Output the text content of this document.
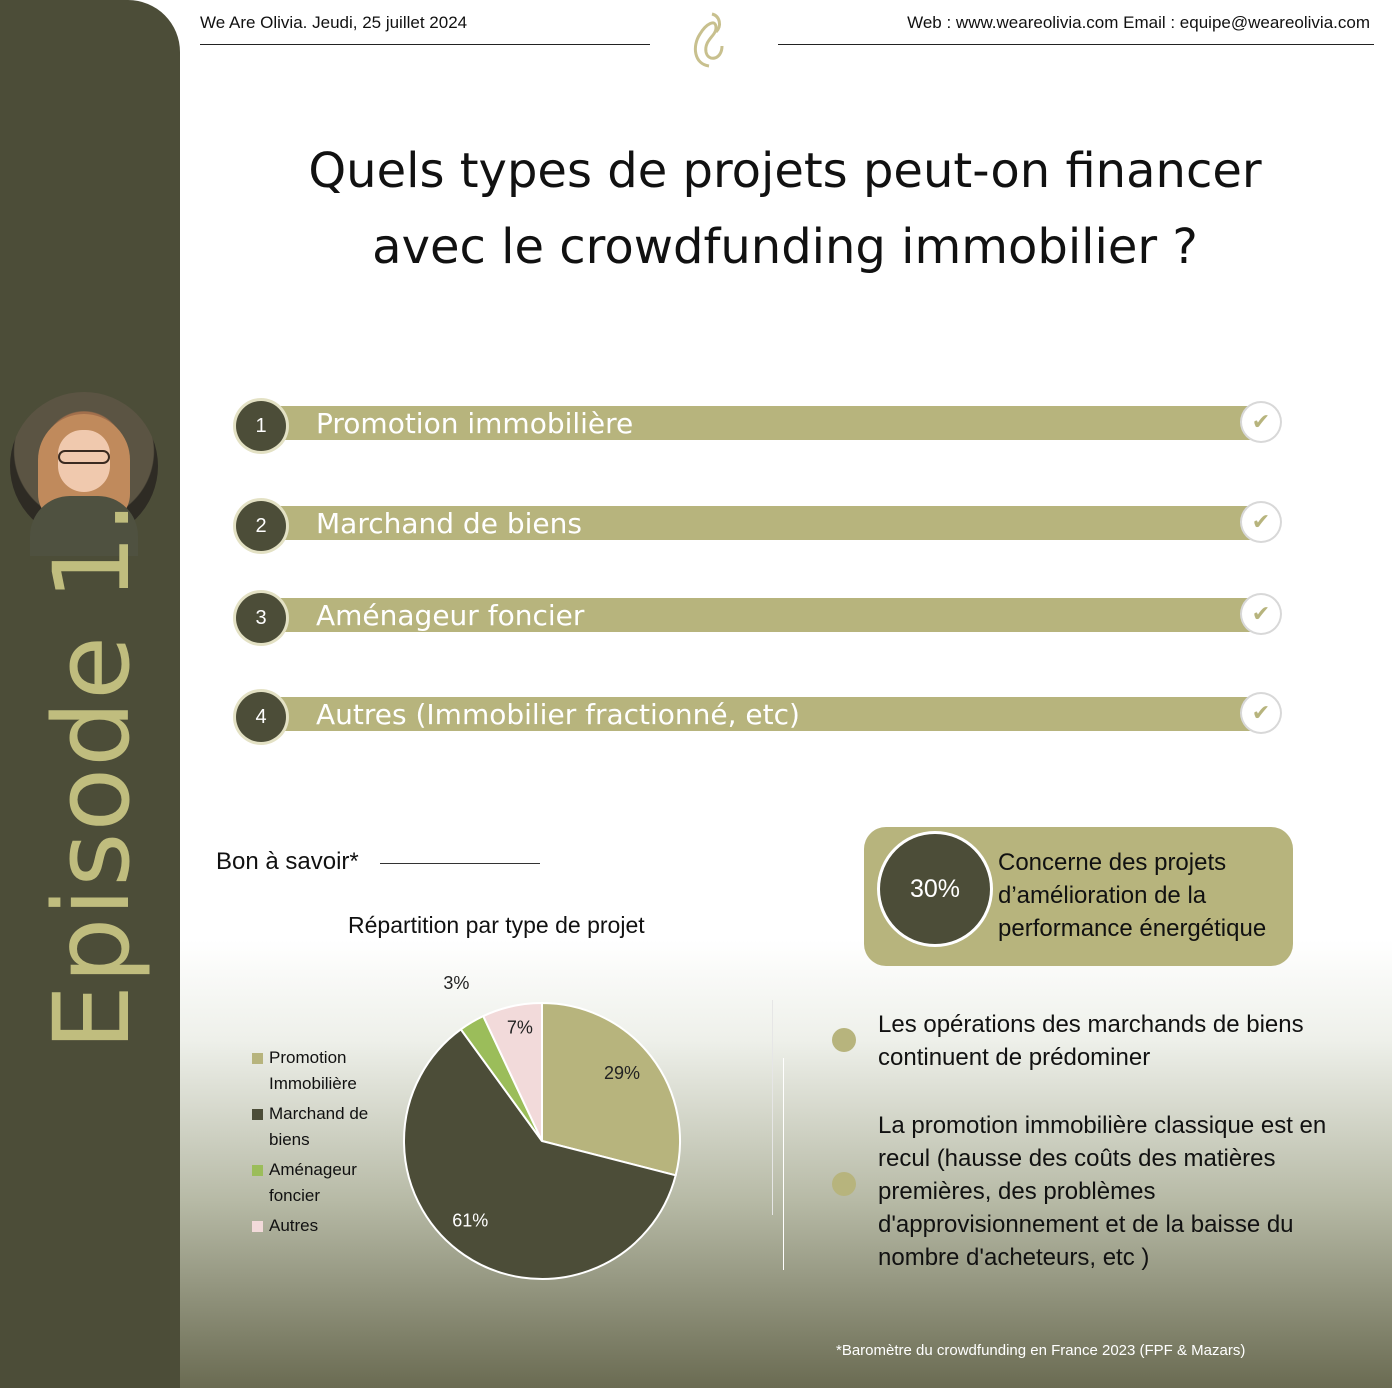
Episode 1.
We Are Olivia. Jeudi, 25 juillet 2024	Web : www.weareolivia.com Email : equipe@weareolivia.com
Quels types de projets peut-on financer avec le crowdfunding immobilier ?
1	Promotion immobilière	✔
2	Marchand de biens	✔
3	Aménageur foncier	✔
4	Autres (Immobilier fractionné, etc)	✔
Bon à savoir*
Répartition par type de projet
Promotion Immobilière
Marchand de biens
Aménageur foncier
Autres
29%
61%
3%
7%
30%
Concerne des projets d’amélioration de la performance énergétique
Les opérations des marchands de biens continuent de prédominer
La promotion immobilière classique est en recul (hausse des coûts des matières premières, des problèmes d'approvisionnement et de la baisse du nombre d'acheteurs, etc )
*Baromètre du crowdfunding en France 2023 (FPF & Mazars)
